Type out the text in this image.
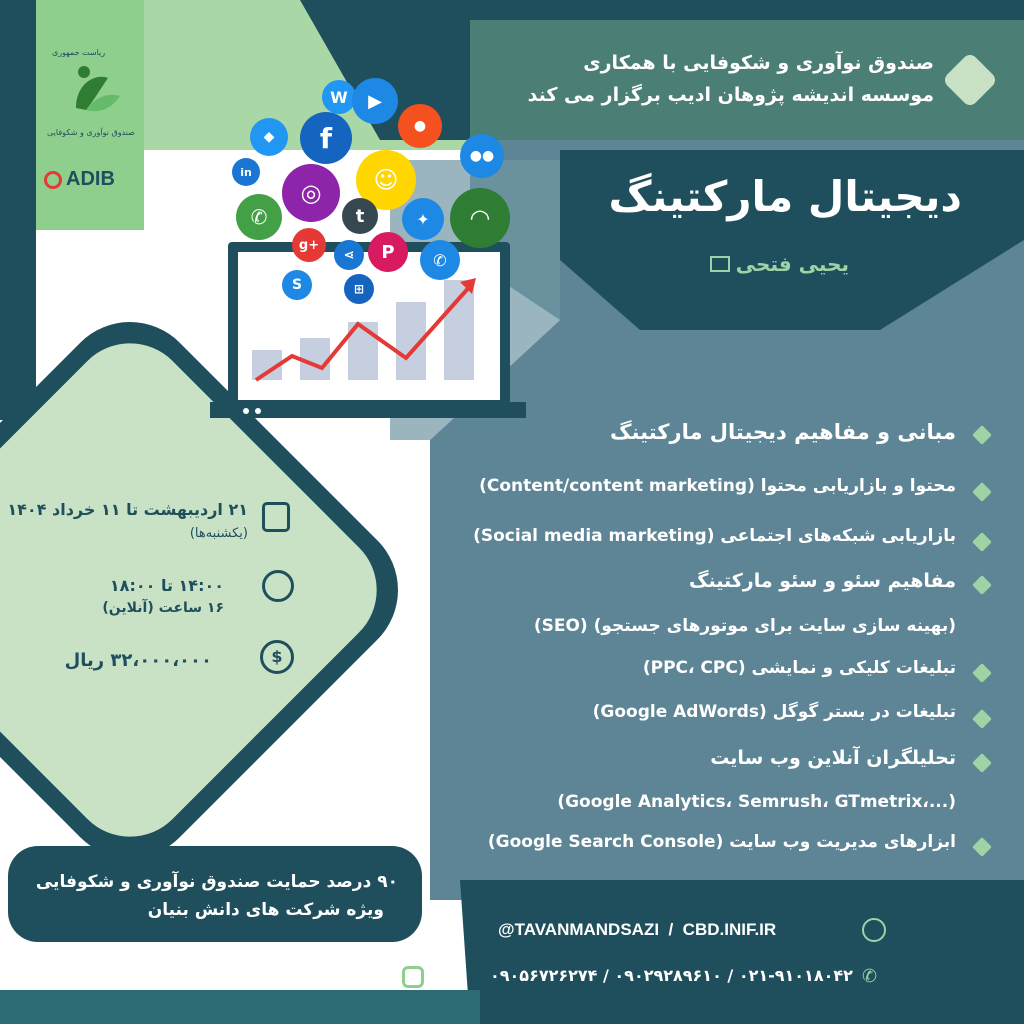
ریاست جمهوری
صندوق نوآوری و شکوفایی
ADIB
صندوق نوآوری و شکوفایی با همکاری
موسسه اندیشه پژوهان ادیب برگزار می کند
دیجیتال مارکتینگ
یحیی فتحی
W	▶
●
◆	f
●●
in	☺
◎
✆	t	✦	◠
g+
⋖	P	✆
S	⊞
مبانی و مفاهیم دیجیتال مارکتینگ
محتوا و بازاریابی محتوا (Content/content marketing)
بازاریابی شبکه‌های اجتماعی (Social media marketing)
مفاهیم سئو و سئو مارکتینگ
(بهینه سازی سایت برای موتورهای جستجو) (SEO)
تبلیغات کلیکی و نمایشی (PPC، CPC)
تبلیغات در بستر گوگل (Google AdWords)
تحلیلگران آنلاین وب سایت
(...،Google Analytics، Semrush، GTmetrix)
ابزارهای مدیریت وب سایت (Google Search Console)
۲۱ اردیبهشت تا ۱۱ خرداد ۱۴۰۴
(یکشنبه‌ها)
۱۴:۰۰ تا ۱۸:۰۰
۱۶ ساعت (آنلاین)
۳۲،۰۰۰،۰۰۰ ریال	$
۹۰ درصد حمایت صندوق نوآوری و شکوفایی
ویژه شرکت های دانش بنیان
@TAVANMANDSAZI  /  CBD.INIF.IR
۰۹۰۵۶۷۲۶۲۷۴ / ۰۹۰۲۹۲۸۹۶۱۰ / ۰۲۱-۹۱۰۱۸۰۴۲ ✆
ghazal.inif.ir	ثبت‌نام شرکت‌های دانش‌بنیان
